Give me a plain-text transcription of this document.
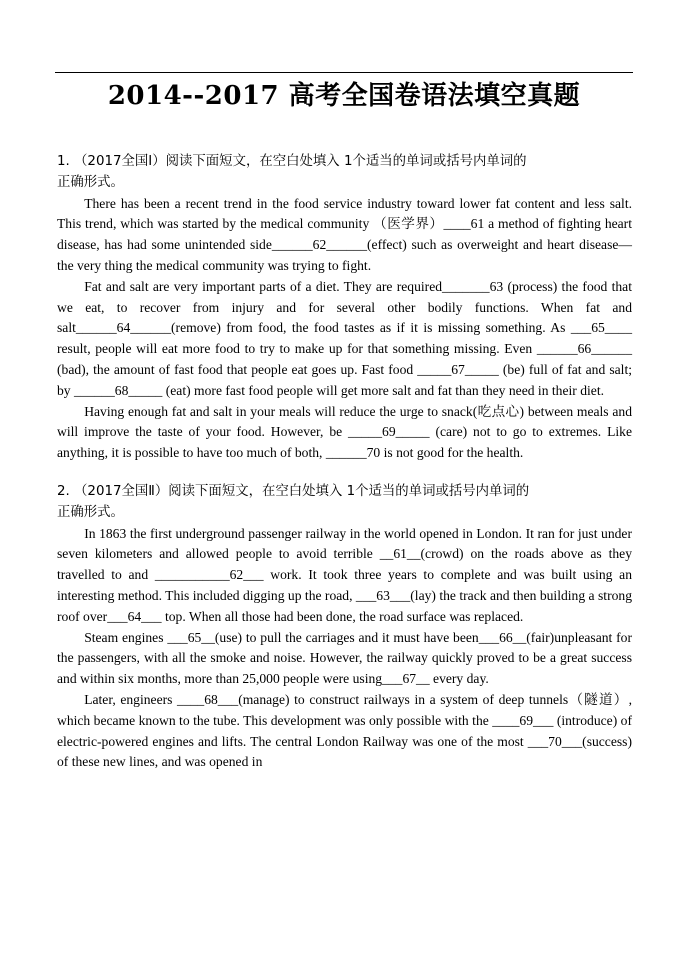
2014--2017 高考全国卷语法填空真题
1. （2017全国Ⅰ）阅读下面短文，在空白处填入 1个适当的单词或括号内单词的
正确形式。

There has been a recent trend in the food service industry toward lower fat content and less salt. This trend, which was started by the medical community （医学界）____61 a method of fighting heart disease, has had some unintended side______62______(effect) such as overweight and heart disease—the very thing the medical community was trying to fight.

Fat and salt are very important parts of a diet. They are required_______63 (process) the food that we eat, to recover from injury and for several other bodily functions. When fat and salt______64______(remove) from food, the food tastes as if it is missing something. As ___65____ result, people will eat more food to try to make up for that something missing. Even ______66______ (bad), the amount of fast food that people eat goes up. Fast food _____67_____ (be) full of fat and salt; by ______68_____ (eat) more fast food people will get more salt and fat than they need in their diet.

Having enough fat and salt in your meals will reduce the urge to snack(吃点心) between meals and will improve the taste of your food. However, be _____69_____ (care) not to go to extremes. Like anything, it is possible to have too much of both, ______70 is not good for the health.

2. （2017全国Ⅱ）阅读下面短文，在空白处填入 1个适当的单词或括号内单词的
正确形式。

In 1863 the first underground passenger railway in the world opened in London. It ran for just under seven kilometers and allowed people to avoid terrible __61__(crowd) on the roads above as they travelled to and ___________62___ work. It took three years to complete and was built using an interesting method. This included digging up the road, ___63___(lay) the track and then building a strong roof over___64___ top. When all those had been done, the road surface was replaced.

Steam engines ___65__(use) to pull the carriages and it must have been___66__(fair)unpleasant for the passengers, with all the smoke and noise. However, the railway quickly proved to be a great success and within six months, more than 25,000 people were using___67__ every day.

Later, engineers ____68___(manage) to construct railways in a system of deep tunnels（隧道）, which became known to the tube. This development was only possible with the ____69___ (introduce) of electric-powered engines and lifts. The central London Railway was one of the most ___70___(success) of these new lines, and was opened in
